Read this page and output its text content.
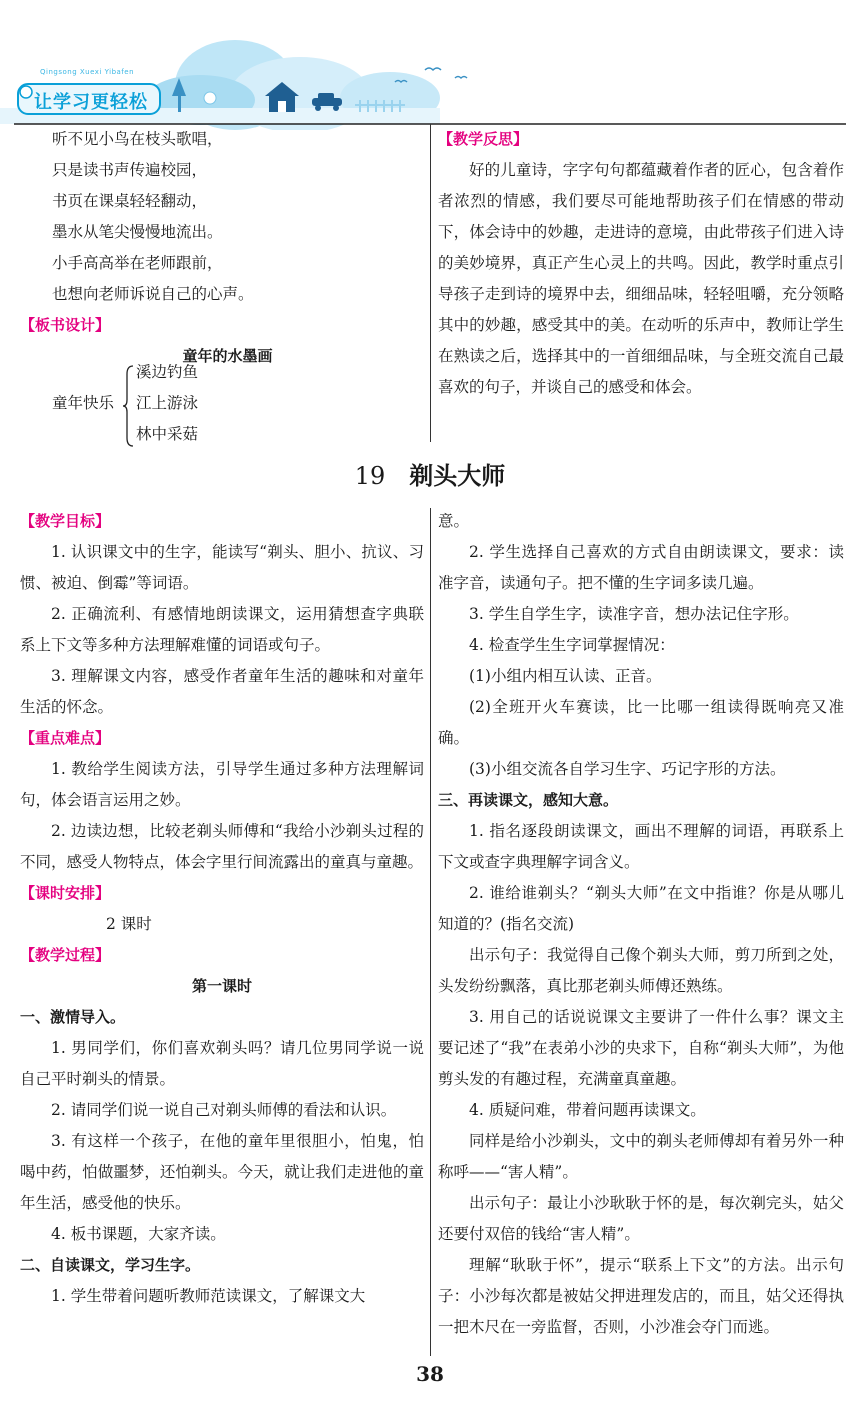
Qingsong Xuexi Yibafen
让学习更轻松
听不见小鸟在枝头歌唱，
只是读书声传遍校园，
书页在课桌轻轻翻动，
墨水从笔尖慢慢地流出。
小手高高举在老师跟前，
也想向老师诉说自己的心声。
【板书设计】
童年的水墨画
童年快乐
溪边钓鱼
江上游泳
林中采菇
【教学反思】
好的儿童诗，字字句句都蕴藏着作者的匠心，包含着作者浓烈的情感，我们要尽可能地帮助孩子们在情感的带动下，体会诗中的妙趣，走进诗的意境，由此带孩子们进入诗的美妙境界，真正产生心灵上的共鸣。因此，教学时重点引导孩子走到诗的境界中去，细细品味，轻轻咀嚼，充分领略其中的妙趣，感受其中的美。在动听的乐声中，教师让学生在熟读之后，选择其中的一首细细品味，与全班交流自己最喜欢的句子，并谈自己的感受和体会。
19 剃头大师
【教学目标】
1. 认识课文中的生字，能读写“剃头、胆小、抗议、习惯、被迫、倒霉”等词语。
2. 正确流利、有感情地朗读课文，运用猜想查字典联系上下文等多种方法理解难懂的词语或句子。
3. 理解课文内容，感受作者童年生活的趣味和对童年生活的怀念。
【重点难点】
1. 教给学生阅读方法，引导学生通过多种方法理解词句，体会语言运用之妙。
2. 边读边想，比较老剃头师傅和“我给小沙剃头过程的不同，感受人物特点，体会字里行间流露出的童真与童趣。
【课时安排】
2 课时
【教学过程】
第一课时
一、激情导入。
1. 男同学们，你们喜欢剃头吗？请几位男同学说一说自己平时剃头的情景。
2. 请同学们说一说自己对剃头师傅的看法和认识。
3. 有这样一个孩子，在他的童年里很胆小，怕鬼，怕喝中药，怕做噩梦，还怕剃头。今天，就让我们走进他的童年生活，感受他的快乐。
4. 板书课题，大家齐读。
二、自读课文，学习生字。
1. 学生带着问题听教师范读课文，了解课文大
意。
2. 学生选择自己喜欢的方式自由朗读课文，要求：读准字音，读通句子。把不懂的生字词多读几遍。
3. 学生自学生字，读准字音，想办法记住字形。
4. 检查学生生字词掌握情况：
(1)小组内相互认读、正音。
(2)全班开火车赛读，比一比哪一组读得既响亮又准确。
(3)小组交流各自学习生字、巧记字形的方法。
三、再读课文，感知大意。
1. 指名逐段朗读课文，画出不理解的词语，再联系上下文或查字典理解字词含义。
2. 谁给谁剃头？“剃头大师”在文中指谁？你是从哪儿知道的？(指名交流)
出示句子：我觉得自己像个剃头大师，剪刀所到之处，头发纷纷飘落，真比那老剃头师傅还熟练。
3. 用自己的话说说课文主要讲了一件什么事？课文主要记述了“我”在表弟小沙的央求下，自称“剃头大师”，为他剪头发的有趣过程，充满童真童趣。
4. 质疑问难，带着问题再读课文。
同样是给小沙剃头，文中的剃头老师傅却有着另外一种称呼——“害人精”。
出示句子：最让小沙耿耿于怀的是，每次剃完头，姑父还要付双倍的钱给“害人精”。
理解“耿耿于怀”，提示“联系上下文”的方法。出示句子：小沙每次都是被姑父押进理发店的，而且，姑父还得执一把木尺在一旁监督，否则，小沙准会夺门而逃。
38
